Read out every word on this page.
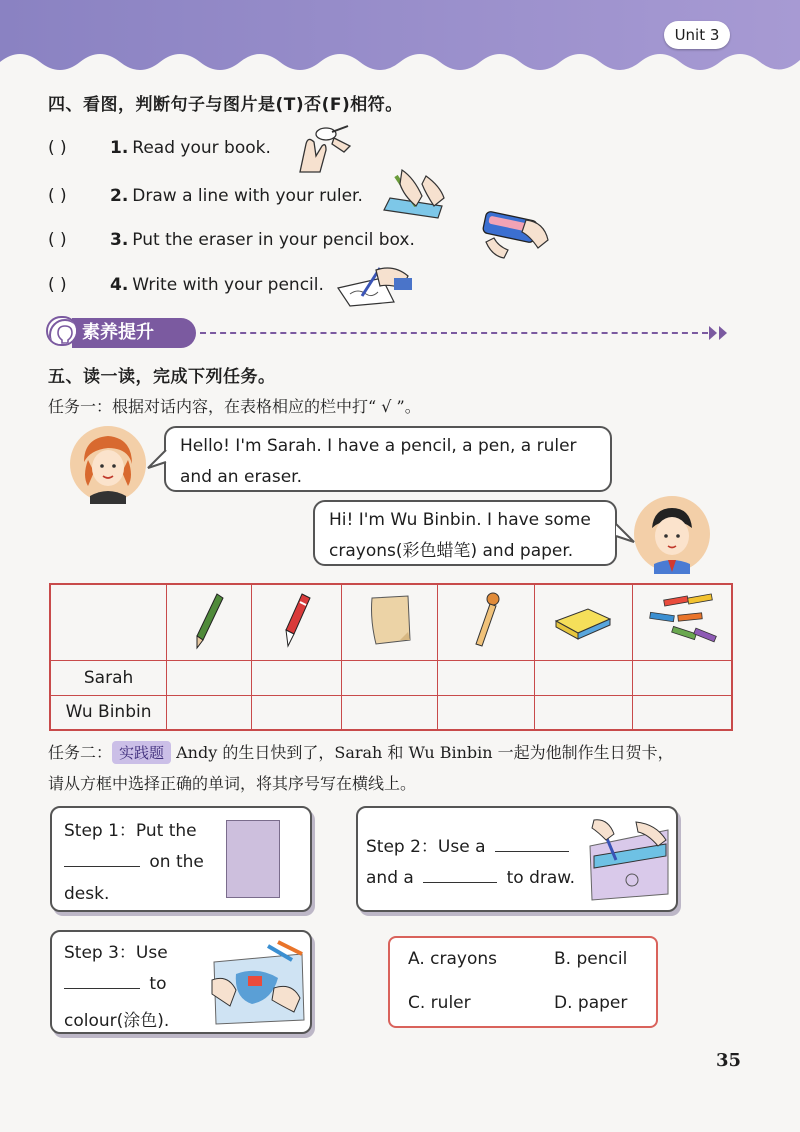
Unit 3
四、看图，判断句子与图片是(T)否(F)相符。
( )	1. Read your book.
( )	2. Draw a line with your ruler.
( )	3. Put the eraser in your pencil box.
( )	4. Write with your pencil.
素养提升
五、读一读，完成下列任务。
任务一：根据对话内容，在表格相应的栏中打“ √ ”。
Hello! I'm Sarah. I have a pencil, a pen, a ruler
and an eraser.
Hi! I'm Wu Binbin. I have some
crayons(彩色蜡笔) and paper.

Sarah						
Wu Binbin						
任务二： 实践题 Andy 的生日快到了，Sarah 和 Wu Binbin 一起为他制作生日贺卡，
请从方框中选择正确的单词，将其序号写在横线上。
Step 1：Put the
on the
desk.
Step 2：Use a
and a	to draw.
Step 3：Use
to
colour(涂色).
A. crayons	B. pencil
C. ruler	D. paper
35
